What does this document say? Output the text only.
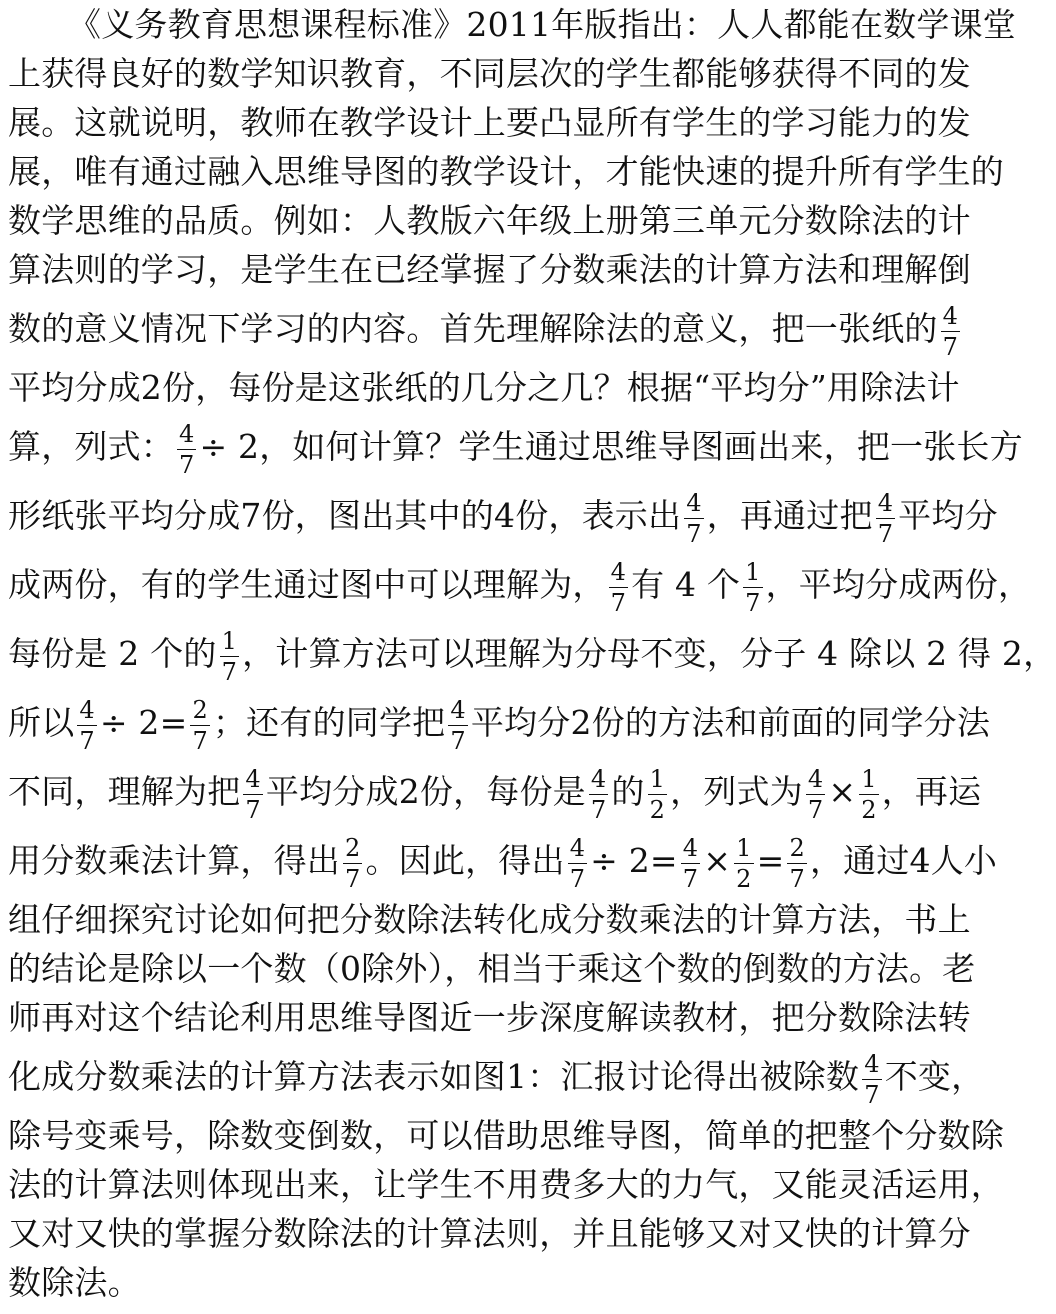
《义务教育思想课程标准》2011年版指出：人人都能在数学课堂
上获得良好的数学知识教育，不同层次的学生都能够获得不同的发
展。这就说明，教师在教学设计上要凸显所有学生的学习能力的发
展，唯有通过融入思维导图的教学设计，才能快速的提升所有学生的
数学思维的品质。例如：人教版六年级上册第三单元分数除法的计
算法则的学习，是学生在已经掌握了分数乘法的计算方法和理解倒
数的意义情况下学习的内容。首先理解除法的意义，把一张纸的 $\frac{4}{7}$
平均分成2份，每份是这张纸的几分之几？根据“平均分”用除法计
算，列式： $\frac{4}{7} \div 2$，如何计算？学生通过思维导图画出来，把一张长方
形纸张平均分成7份，图出其中的4份，表示出 $\frac{4}{7}$ ，再通过把 $\frac{4}{7}$ 平均分
成两份，有的学生通过图中可以理解为， $\frac{4}{7}$ 有 4 个 $\frac{1}{7}$ ，平均分成两份，
每份是 2 个的 $\frac{1}{7}$ ，计算方法可以理解为分母不变，分子 4 除以 2 得 2，
所以 $\frac{4}{7} \div 2= \frac{2}{7}$ ；还有的同学把 $\frac{4}{7}$ 平均分2份的方法和前面的同学分法
不同，理解为把 $\frac{4}{7}$ 平均分成2份，每份是 $\frac{4}{7}$ 的 $\frac{1}{2}$ ，列式为 $\frac{4}{7} \times \frac{1}{2}$ ，再运
用分数乘法计算，得出 $\frac{2}{7}$ 。因此，得出 $\frac{4}{7} \div 2= \frac{4}{7} \times \frac{1}{2} = \frac{2}{7}$ ，通过4人小
组仔细探究讨论如何把分数除法转化成分数乘法的计算方法，书上
的结论是除以一个数（0除外），相当于乘这个数的倒数的方法。老
师再对这个结论利用思维导图近一步深度解读教材，把分数除法转
化成分数乘法的计算方法表示如图1：汇报讨论得出被除数 $\frac{4}{7}$ 不变，
除号变乘号，除数变倒数，可以借助思维导图，简单的把整个分数除
法的计算法则体现出来，让学生不用费多大的力气，又能灵活运用，
又对又快的掌握分数除法的计算法则，并且能够又对又快的计算分
数除法。
